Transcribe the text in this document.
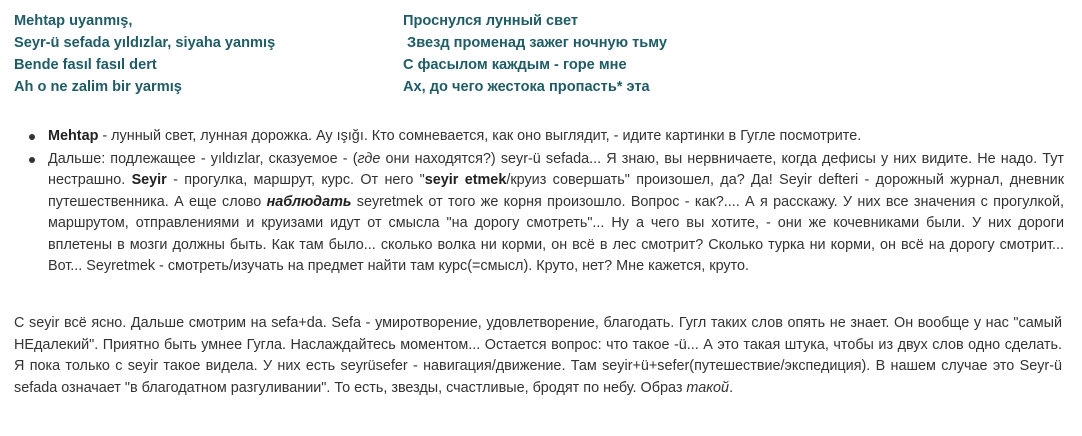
Mehtap uyanmış,
Seyr-ü sefada yıldızlar, siyaha yanmış
Bende fasıl fasıl dert
Ah o ne zalim bir yarmış
Проснулся лунный свет
Звезд променад зажег ночную тьму
С фасылом каждым - горе мне
Ах, до чего жестока пропасть* эта
Mehtap - лунный свет, лунная дорожка. Ау ışığı. Кто сомневается, как оно выглядит, - идите картинки в Гугле посмотрите.
Дальше: подлежащее - yıldızlar, сказуемое - (где они находятся?) seyr-ü sefada... Я знаю, вы нервничаете, когда дефисы у них видите. Не надо. Тут нестрашно. Seyir - прогулка, маршрут, курс. От него "seyir etmek/круиз совершать" произошел, да? Да! Seyir defteri - дорожный журнал, дневник путешественника. А еще слово наблюдать seyretmek от того же корня произошло. Вопрос - как?.... А я расскажу. У них все значения с прогулкой, маршрутом, отправлениями и круизами идут от смысла "на дорогу смотреть"... Ну а чего вы хотите, - они же кочевниками были. У них дороги вплетены в мозги должны быть. Как там было... сколько волка ни корми, он всё в лес смотрит? Сколько турка ни корми, он всё на дорогу смотрит... Вот... Seyretmek - смотреть/изучать на предмет найти там курс(=смысл). Круто, нет? Мне кажется, круто.

С seyir всё ясно. Дальше смотрим на sefa+da. Sefa - умиротворение, удовлетворение, благодать. Гугл таких слов опять не знает. Он вообще у нас "самый НЕдалекий". Приятно быть умнее Гугла. Наслаждайтесь моментом... Остается вопрос: что такое -ü... А это такая штука, чтобы из двух слов одно сделать. Я пока только с seyir такое видела. У них есть seyrüsefer - навигация/движение. Там seyir+ü+sefer(путешествие/экспедиция). В нашем случае это Seyr-ü sefada означает "в благодатном разгуливании". То есть, звезды, счастливые, бродят по небу. Образ такой.
